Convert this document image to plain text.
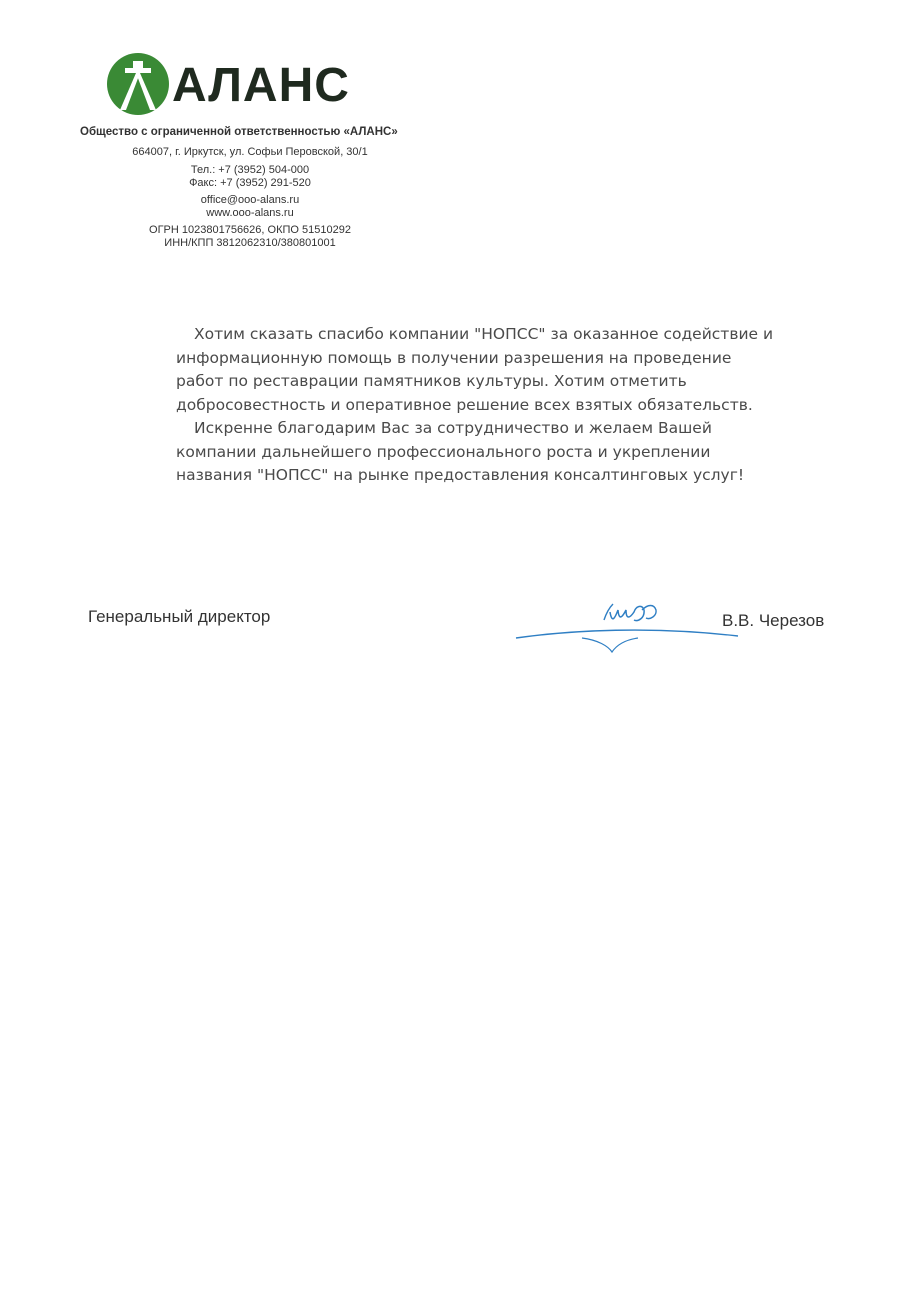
АЛАНС
Общество с ограниченной ответственностью «АЛАНС»
664007, г. Иркутск, ул. Софьи Перовской, 30/1
Тел.: +7 (3952) 504-000
Факс: +7 (3952) 291-520
office@ooo-alans.ru
www.ooo-alans.ru
ОГРН 1023801756626, ОКПО 51510292
ИНН/КПП 3812062310/380801001

Хотим сказать спасибо компании "НОПСС" за оказанное содействие и информационную помощь в получении разрешения на проведение работ по реставрации памятников культуры. Хотим отметить добросовестность и оперативное решение всех взятых обязательств.

Искренне благодарим Вас за сотрудничество и желаем Вашей компании дальнейшего профессионального роста и укреплении названия "НОПСС" на рынке предоставления консалтинговых услуг!

Генеральный директор	В.В. Черезов
